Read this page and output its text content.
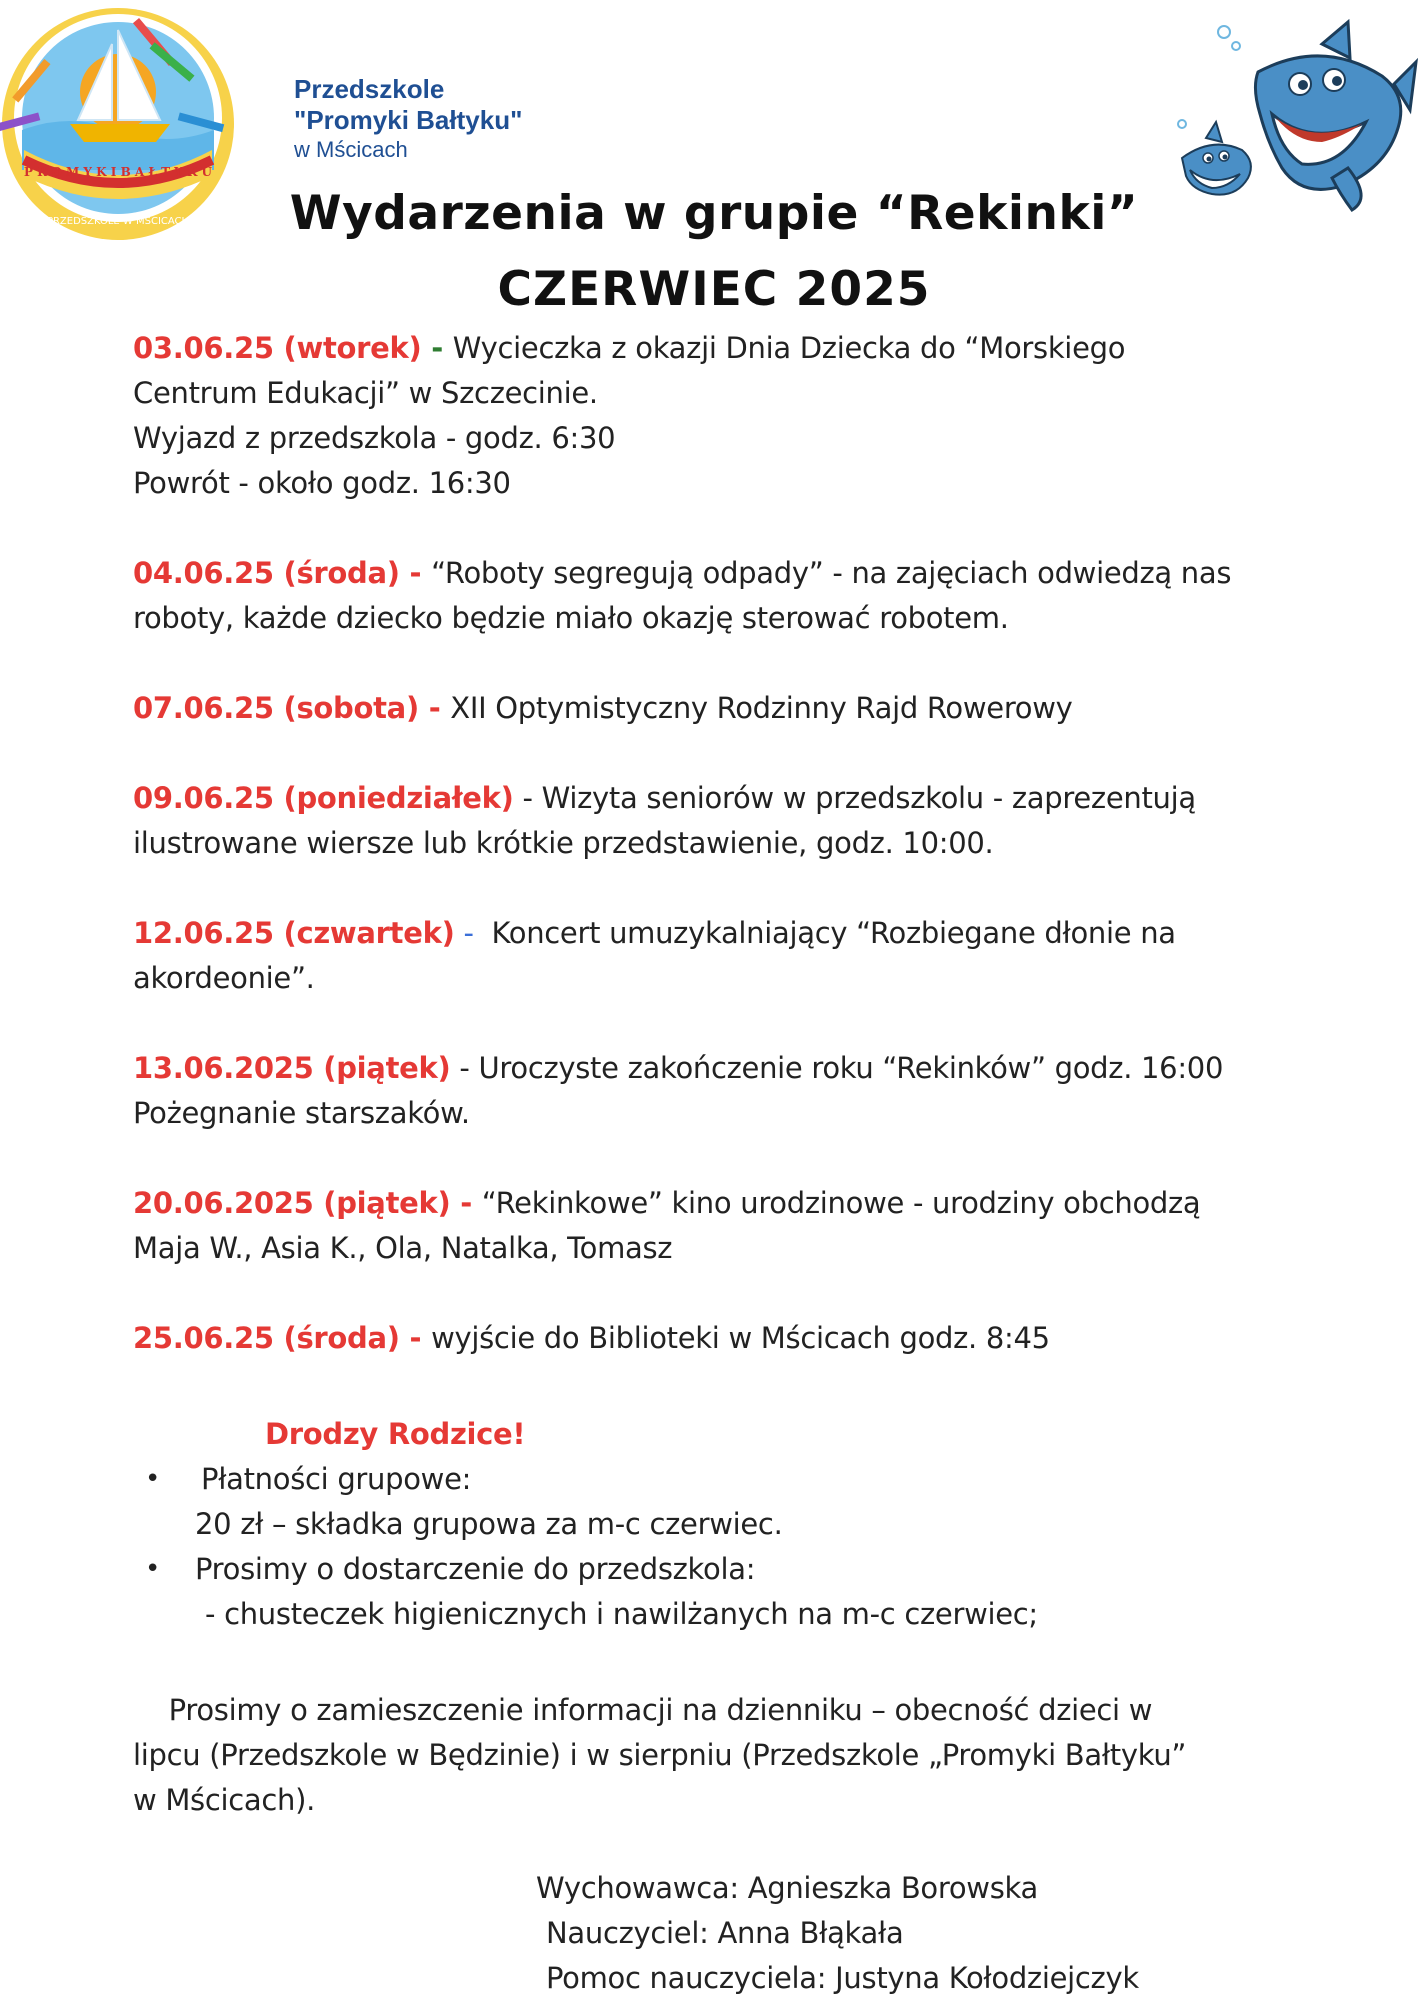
P R O M Y K I B A Ł T Y K U
PRZEDSZKOLE W MŚCICACH
Przedszkole
"Promyki Bałtyku"
w Mścicach
Wydarzenia w grupie “Rekinki”
CZERWIEC 2025
03.06.25 (wtorek) - Wycieczka z okazji Dnia Dziecka do “Morskiego
Centrum Edukacji” w Szczecinie.
Wyjazd z przedszkola - godz. 6:30
Powrót - około godz. 16:30
04.06.25 (środa) - “Roboty segregują odpady” - na zajęciach odwiedzą nas
roboty, każde dziecko będzie miało okazję sterować robotem.
07.06.25 (sobota) - XII Optymistyczny Rodzinny Rajd Rowerowy
09.06.25 (poniedziałek) - Wizyta seniorów w przedszkolu - zaprezentują
ilustrowane wiersze lub krótkie przedstawienie, godz. 10:00.
12.06.25 (czwartek) -  Koncert umuzykalniający “Rozbiegane dłonie na
akordeonie”.
13.06.2025 (piątek) - Uroczyste zakończenie roku “Rekinków” godz. 16:00
Pożegnanie starszaków.
20.06.2025 (piątek) - “Rekinkowe” kino urodzinowe - urodziny obchodzą
Maja W., Asia K., Ola, Natalka, Tomasz
25.06.25 (środa) - wyjście do Biblioteki w Mścicach godz. 8:45
Drodzy Rodzice!
•	Płatności grupowe:
20 zł – składka grupowa za m-c czerwiec.
•	Prosimy o dostarczenie do przedszkola:
- chusteczek higienicznych i nawilżanych na m-c czerwiec;
Prosimy o zamieszczenie informacji na dzienniku – obecność dzieci w
lipcu (Przedszkole w Będzinie) i w sierpniu (Przedszkole „Promyki Bałtyku”
w Mścicach).
Wychowawca: Agnieszka Borowska
Nauczyciel: Anna Błąkała
Pomoc nauczyciela: Justyna Kołodziejczyk
